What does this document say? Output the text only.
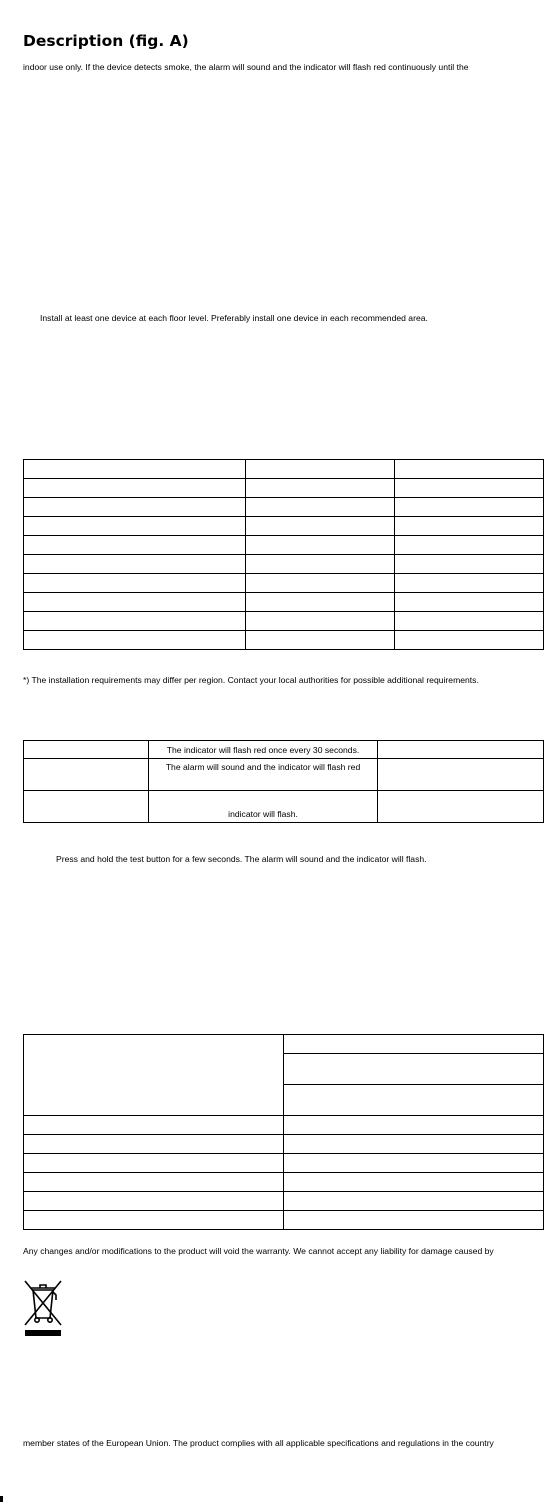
Description (fig. A)
indoor use only. If the device detects smoke, the alarm will sound and the indicator will flash red continuously until the
Install at least one device at each floor level. Preferably install one device in each recommended area.

*) The installation requirements may differ per region. Contact your local authorities for possible additional requirements.
	The indicator will flash red once every 30 seconds.	
	The alarm will sound and the indicator will flash red	
	indicator will flash.	
Press and hold the test button for a few seconds. The alarm will sound and the indicator will flash.

Any changes and/or modifications to the product will void the warranty. We cannot accept any liability for damage caused by
member states of the European Union. The product complies with all applicable specifications and regulations in the country
